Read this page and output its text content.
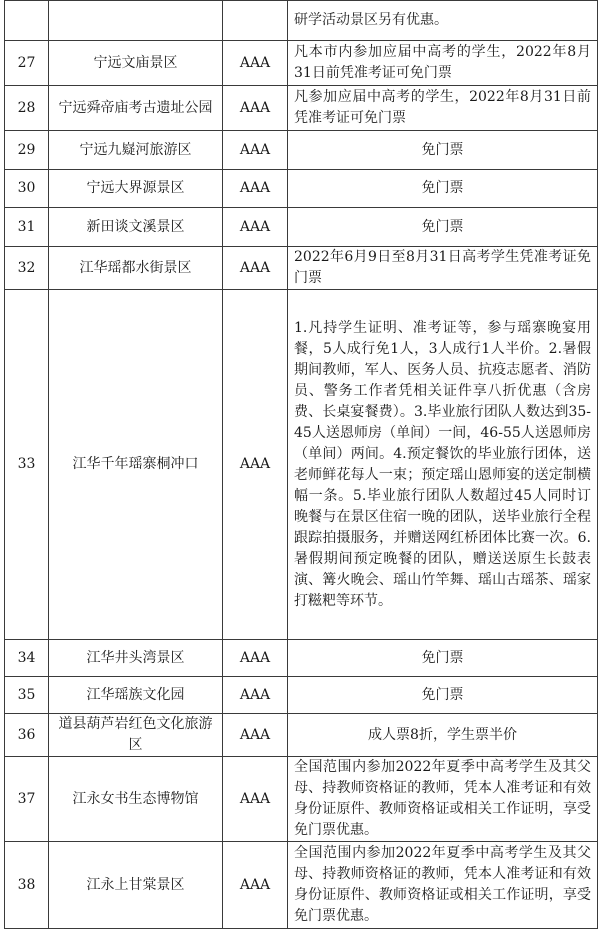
			研学活动景区另有优惠。
27	宁远文庙景区	AAA	凡本市内参加应届中高考的学生，2022年8月31日前凭准考证可免门票
28	宁远舜帝庙考古遗址公园	AAA	凡参加应届中高考的学生，2022年8月31日前凭准考证可免门票
29	宁远九嶷河旅游区	AAA	免门票
30	宁远大界源景区	AAA	免门票
31	新田谈文溪景区	AAA	免门票
32	江华瑶都水街景区	AAA	2022年6月9日至8月31日高考学生凭准考证免门票
33	江华千年瑶寨桐冲口	AAA	1.凡持学生证明、准考证等，参与瑶寨晚宴用餐，5人成行免1人，3人成行1人半价。2.暑假期间教师，军人、医务人员、抗疫志愿者、消防员、警务工作者凭相关证件享八折优惠（含房费、长桌宴餐费）。3.毕业旅行团队人数达到35-45人送恩师房（单间）一间，46-55人送恩师房（单间）两间。4.预定餐饮的毕业旅行团体，送老师鲜花每人一束；预定瑶山恩师宴的送定制横幅一条。5.毕业旅行团队人数超过45人同时订晚餐与在景区住宿一晚的团队，送毕业旅行全程跟踪拍摄服务，并赠送网红桥团体比赛一次。6.暑假期间预定晚餐的团队，赠送送原生长鼓表演、篝火晚会、瑶山竹竿舞、瑶山古瑶茶、瑶家打糍粑等环节。
34	江华井头湾景区	AAA	免门票
35	江华瑶族文化园	AAA	免门票
36	道县葫芦岩红色文化旅游区	AAA	成人票8折，学生票半价
37	江永女书生态博物馆	AAA	全国范围内参加2022年夏季中高考学生及其父母、持教师资格证的教师，凭本人准考证和有效身份证原件、教师资格证或相关工作证明，享受免门票优惠。
38	江永上甘棠景区	AAA	全国范围内参加2022年夏季中高考学生及其父母、持教师资格证的教师，凭本人准考证和有效身份证原件、教师资格证或相关工作证明，享受免门票优惠。
